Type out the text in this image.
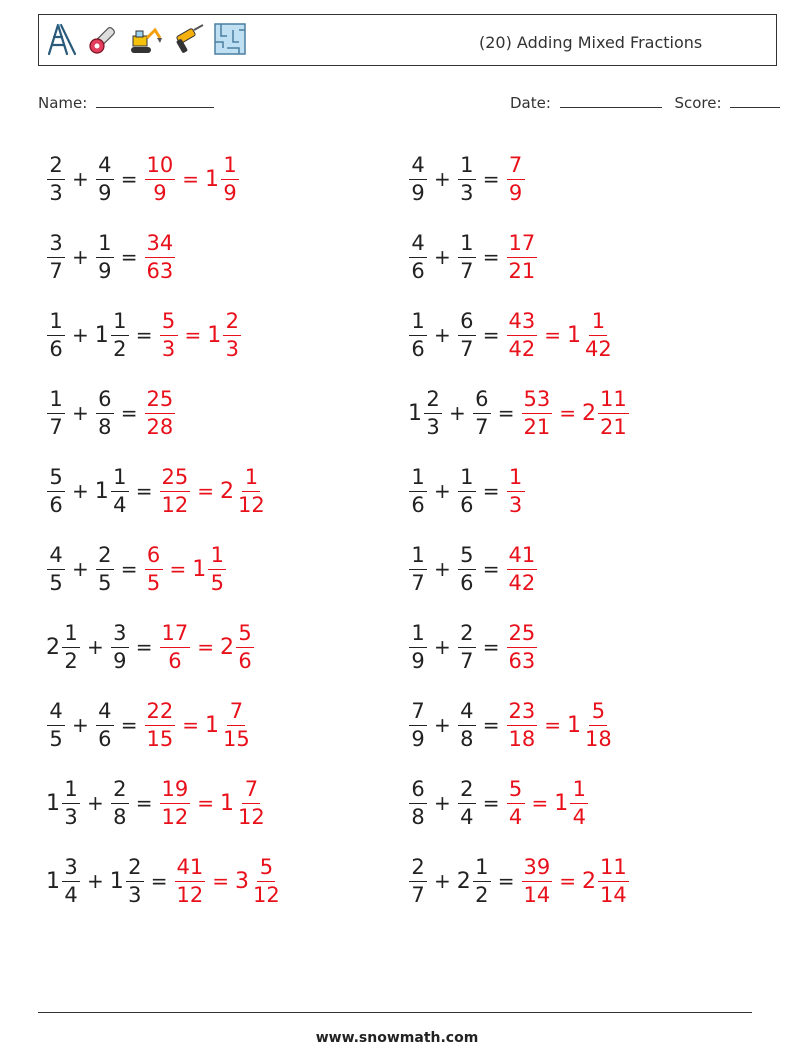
(20) Adding Mixed Fractions
Name:	Date:	Score:
$\frac{2}{3} + \frac{4}{9} = \frac{10}{9} = 1 \frac{1}{9}$
$\frac{3}{7} + \frac{1}{9} = \frac{34}{63}$
$\frac{1}{6} + 1 \frac{1}{2} = \frac{5}{3} = 1 \frac{2}{3}$
$\frac{1}{7} + \frac{6}{8} = \frac{25}{28}$
$\frac{5}{6} + 1 \frac{1}{4} = \frac{25}{12} = 2 \frac{1}{12}$
$\frac{4}{5} + \frac{2}{5} = \frac{6}{5} = 1 \frac{1}{5}$
$2 \frac{1}{2} + \frac{3}{9} = \frac{17}{6} = 2 \frac{5}{6}$
$\frac{4}{5} + \frac{4}{6} = \frac{22}{15} = 1 \frac{7}{15}$
$1 \frac{1}{3} + \frac{2}{8} = \frac{19}{12} = 1 \frac{7}{12}$
$1 \frac{3}{4} + 1 \frac{2}{3} = \frac{41}{12} = 3 \frac{5}{12}$
$\frac{4}{9} + \frac{1}{3} = \frac{7}{9}$
$\frac{4}{6} + \frac{1}{7} = \frac{17}{21}$
$\frac{1}{6} + \frac{6}{7} = \frac{43}{42} = 1 \frac{1}{42}$
$1 \frac{2}{3} + \frac{6}{7} = \frac{53}{21} = 2 \frac{11}{21}$
$\frac{1}{6} + \frac{1}{6} = \frac{1}{3}$
$\frac{1}{7} + \frac{5}{6} = \frac{41}{42}$
$\frac{1}{9} + \frac{2}{7} = \frac{25}{63}$
$\frac{7}{9} + \frac{4}{8} = \frac{23}{18} = 1 \frac{5}{18}$
$\frac{6}{8} + \frac{2}{4} = \frac{5}{4} = 1 \frac{1}{4}$
$\frac{2}{7} + 2 \frac{1}{2} = \frac{39}{14} = 2 \frac{11}{14}$
www.snowmath.com
